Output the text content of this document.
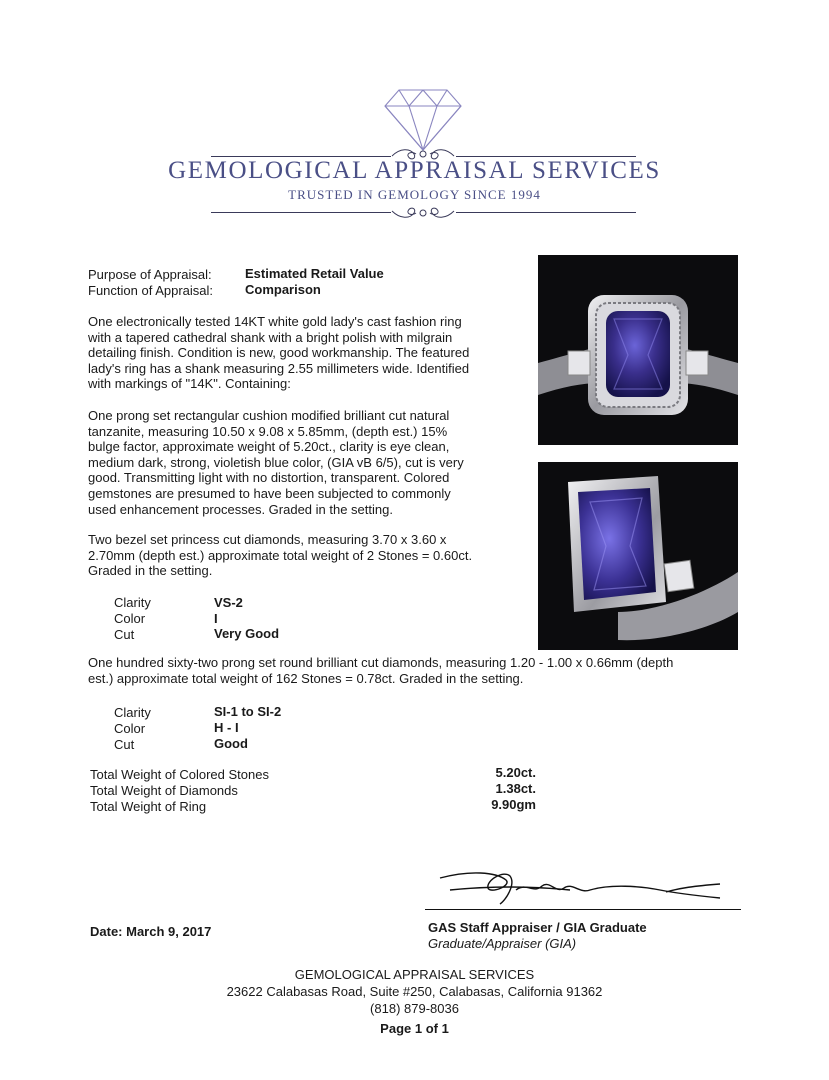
GEMOLOGICAL APPRAISAL SERVICES
TRUSTED IN GEMOLOGY SINCE 1994
Purpose of Appraisal:	Estimated Retail Value
Function of Appraisal: Comparison
One electronically tested 14KT white gold lady's cast fashion ring
with a tapered cathedral shank with a bright polish with milgrain
detailing finish. Condition is new, good workmanship. The featured
lady's ring has a shank measuring 2.55 millimeters wide. Identified
with markings of "14K". Containing:
One prong set rectangular cushion modified brilliant cut natural
tanzanite, measuring 10.50 x 9.08 x 5.85mm, (depth est.) 15%
bulge factor, approximate weight of 5.20ct., clarity is eye clean,
medium dark, strong, violetish blue color, (GIA vB 6/5), cut is very
good. Transmitting light with no distortion, transparent. Colored
gemstones are presumed to have been subjected to commonly
used enhancement processes. Graded in the setting.
Two bezel set princess cut diamonds, measuring 3.70 x 3.60 x
2.70mm (depth est.) approximate total weight of 2 Stones = 0.60ct.
Graded in the setting.
Clarity	VS-2
Color	I
Cut	Very Good
One hundred sixty-two prong set round brilliant cut diamonds, measuring 1.20 - 1.00 x 0.66mm (depth
est.) approximate total weight of 162 Stones = 0.78ct. Graded in the setting.
Clarity	SI-1 to SI-2
Color	H - I
Cut	Good
Total Weight of Colored Stones	5.20ct.
Total Weight of Diamonds	1.38ct.
Total Weight of Ring	9.90gm
Date: March 9, 2017	GAS Staff Appraiser / GIA Graduate
Graduate/Appraiser (GIA)
GEMOLOGICAL APPRAISAL SERVICES
23622 Calabasas Road, Suite #250, Calabasas, California 91362
(818) 879-8036
Page 1 of 1
